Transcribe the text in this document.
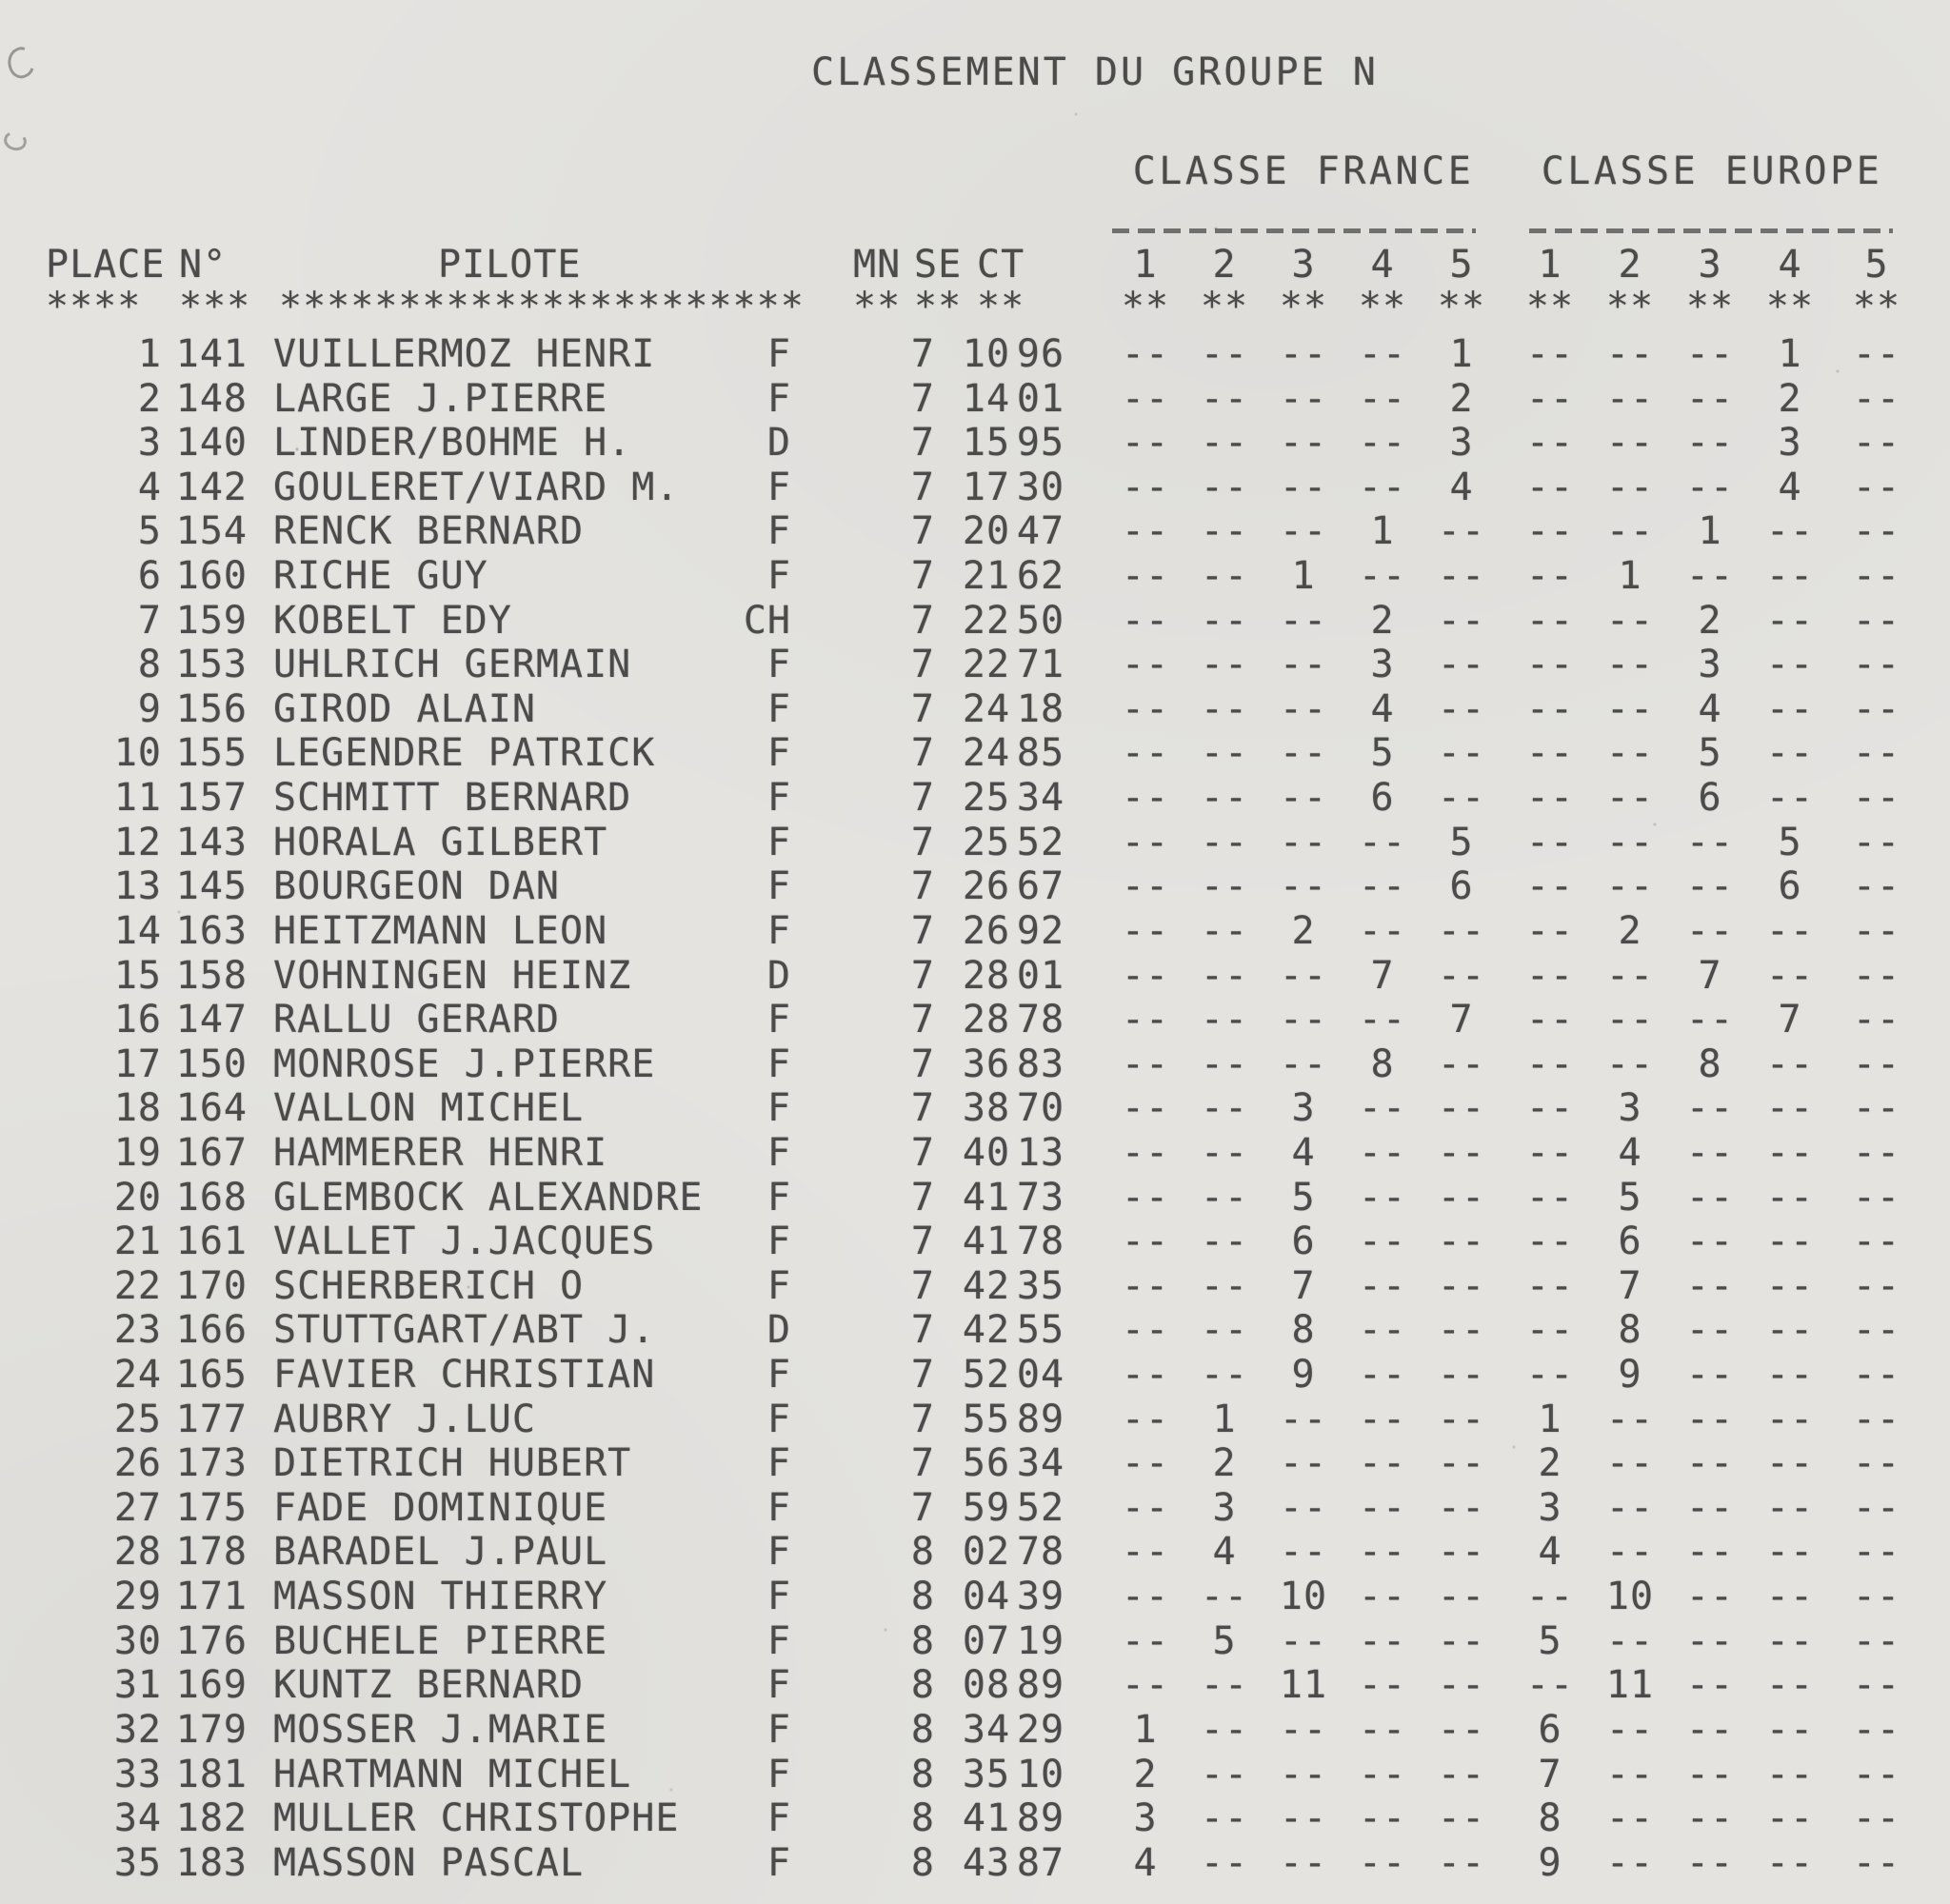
CLASSEMENT DU GROUPE N
CLASSE FRANCE	CLASSE EUROPE
PLACE N°	PILOTE	MN SE CT	1	2	3	4	5	1	2	3	4	5
**** *** ********************** ** ** **	** ** ** ** **	** ** ** **	**
1 141 VUILLERMOZ HENRI	F	7 10 96	-- -- -- --	1	-- -- --	1	--
2 148 LARGE J.PIERRE	F	7 14 01	-- -- -- --	2	-- -- --	2	--
3 140 LINDER/BOHME H.	D	7 15 95	-- -- -- --	3	-- -- --	3	--
4 142 GOULERET/VIARD M.	F	7 17 30	-- -- -- --	4	-- -- --	4	--
5 154 RENCK BERNARD	F	7 20 47	-- -- --	1	--	-- --	1	--	--
6 160 RICHE GUY	F	7 21 62	-- --	1	-- --	--	1	-- --	--
7 159 KOBELT EDY	CH	7 22 50	-- -- --	2	--	-- --	2	--	--
8 153 UHLRICH GERMAIN	F	7 22 71	-- -- --	3	--	-- --	3	--	--
9 156 GIROD ALAIN	F	7 24 18	-- -- --	4	--	-- --	4	--	--
10 155 LEGENDRE PATRICK	F	7 24 85	-- -- --	5	--	-- --	5	--	--
11 157 SCHMITT BERNARD	F	7 25 34	-- -- --	6	--	-- --	6	--	--
12 143 HORALA GILBERT	F	7 25 52	-- -- -- --	5	-- -- --	5	--
13 145 BOURGEON DAN	F	7 26 67	-- -- -- --	6	-- -- --	6	--
14 163 HEITZMANN LEON	F	7 26 92	-- --	2	-- --	--	2	-- --	--
15 158 VOHNINGEN HEINZ	D	7 28 01	-- -- --	7	--	-- --	7	--	--
16 147 RALLU GERARD	F	7 28 78	-- -- -- --	7	-- -- --	7	--
17 150 MONROSE J.PIERRE	F	7 36 83	-- -- --	8	--	-- --	8	--	--
18 164 VALLON MICHEL	F	7 38 70	-- --	3	-- --	--	3	-- --	--
19 167 HAMMERER HENRI	F	7 40 13	-- --	4	-- --	--	4	-- --	--
20 168 GLEMBOCK ALEXANDRE	F	7 41 73	-- --	5	-- --	--	5	-- --	--
21 161 VALLET J.JACQUES	F	7 41 78	-- --	6	-- --	--	6	-- --	--
22 170 SCHERBERICH O	F	7 42 35	-- --	7	-- --	--	7	-- --	--
23 166 STUTTGART/ABT J.	D	7 42 55	-- --	8	-- --	--	8	-- --	--
24 165 FAVIER CHRISTIAN	F	7 52 04	-- --	9	-- --	--	9	-- --	--
25 177 AUBRY J.LUC	F	7 55 89	--	1	-- -- --	1	-- -- --	--
26 173 DIETRICH HUBERT	F	7 56 34	--	2	-- -- --	2	-- -- --	--
27 175 FADE DOMINIQUE	F	7 59 52	--	3	-- -- --	3	-- -- --	--
28 178 BARADEL J.PAUL	F	8 02 78	--	4	-- -- --	4	-- -- --	--
29 171 MASSON THIERRY	F	8 04 39	-- -- 10 -- --	-- 10 -- --	--
30 176 BUCHELE PIERRE	F	8 07 19	--	5	-- -- --	5	-- -- --	--
31 169 KUNTZ BERNARD	F	8 08 89	-- -- 11 -- --	-- 11 -- --	--
32 179 MOSSER J.MARIE	F	8 34 29	1	-- -- -- --	6	-- -- --	--
33 181 HARTMANN MICHEL	F	8 35 10	2	-- -- -- --	7	-- -- --	--
34 182 MULLER CHRISTOPHE	F	8 41 89	3	-- -- -- --	8	-- -- --	--
35 183 MASSON PASCAL	F	8 43 87	4	-- -- -- --	9	-- -- --	--
